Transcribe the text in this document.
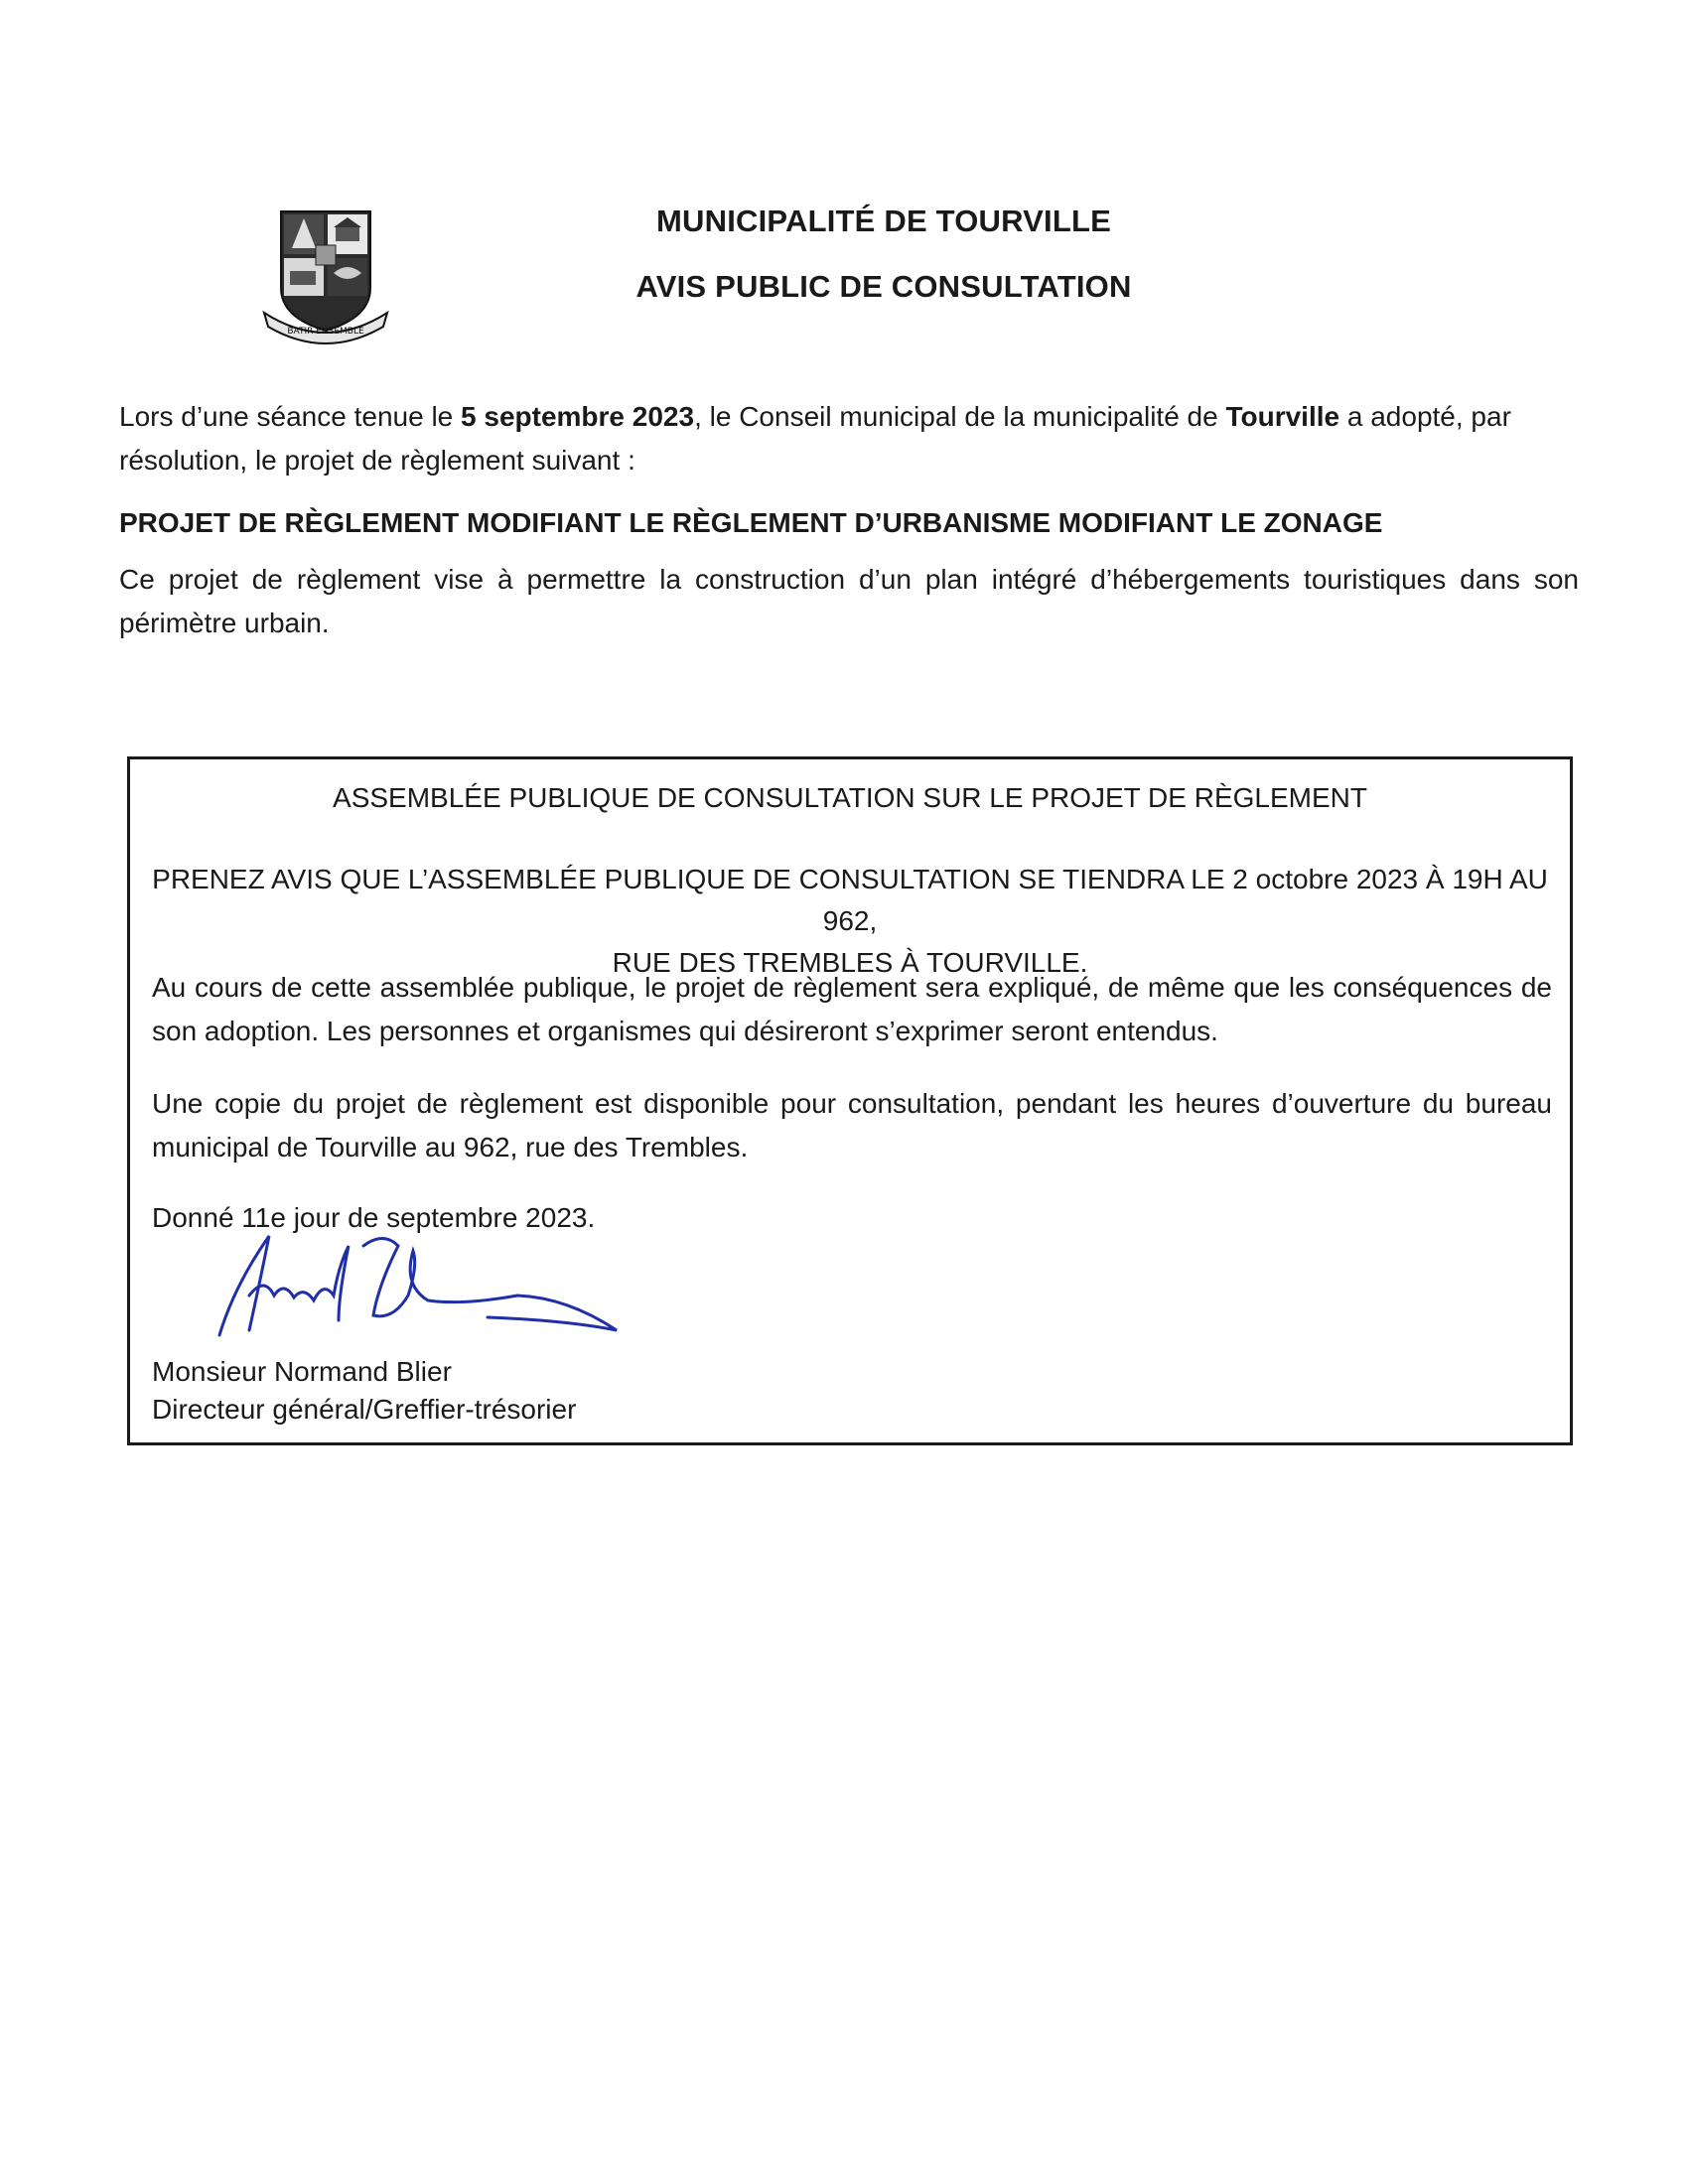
BATIR ENSEMBLE
MUNICIPALITÉ DE TOURVILLE
AVIS PUBLIC DE CONSULTATION
Lors d’une séance tenue le 5 septembre 2023, le Conseil municipal de la municipalité de Tourville a adopté, par résolution, le projet de règlement suivant :
PROJET DE RÈGLEMENT MODIFIANT LE RÈGLEMENT D’URBANISME MODIFIANT LE ZONAGE
Ce projet de règlement vise à permettre la construction d’un plan intégré d’hébergements touristiques dans son périmètre urbain.
ASSEMBLÉE PUBLIQUE DE CONSULTATION SUR LE PROJET DE RÈGLEMENT
PRENEZ AVIS QUE L’ASSEMBLÉE PUBLIQUE DE CONSULTATION SE TIENDRA LE 2 octobre 2023 À 19H AU 962,
RUE DES TREMBLES À TOURVILLE.
Au cours de cette assemblée publique, le projet de règlement sera expliqué, de même que les conséquences de son adoption. Les personnes et organismes qui désireront s’exprimer seront entendus.
Une copie du projet de règlement est disponible pour consultation, pendant les heures d’ouverture du bureau municipal de Tourville au 962, rue des Trembles.
Donné 11e jour de septembre 2023.
Monsieur Normand Blier
Directeur général/Greffier-trésorier
